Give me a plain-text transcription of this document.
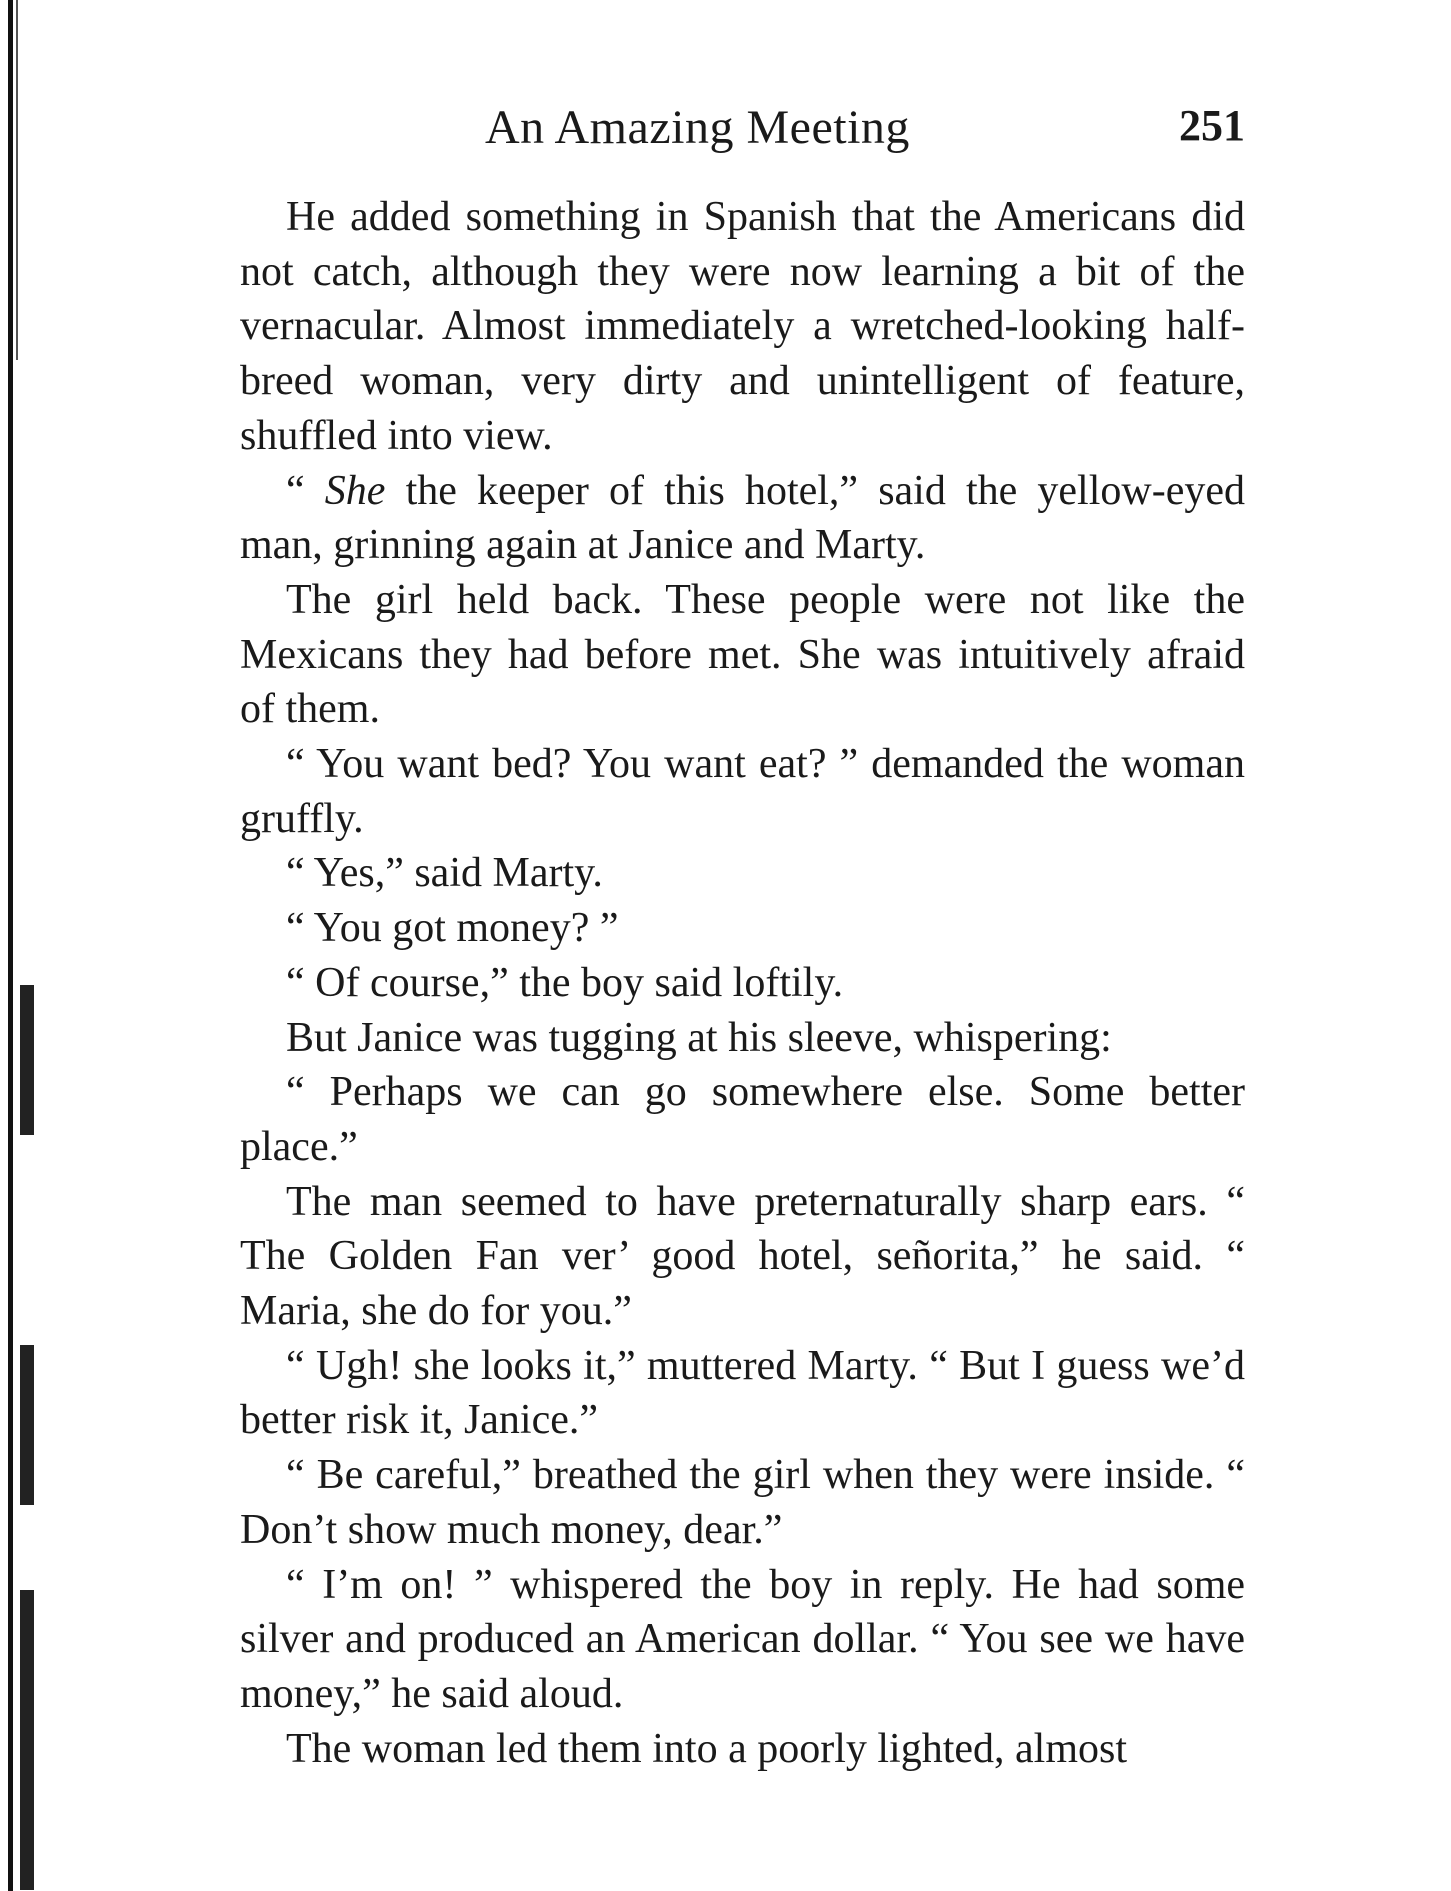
An Amazing Meeting	251

He added something in Spanish that the Americans did not catch, although they were now learning a bit of the vernacular. Almost immediately a wretched-looking half-breed woman, very dirty and unintelligent of feature, shuffled into view.

“ She the keeper of this hotel,” said the yellow-eyed man, grinning again at Janice and Marty.

The girl held back. These people were not like the Mexicans they had before met. She was intuitively afraid of them.

“ You want bed? You want eat? ” demanded the woman gruffly.

“ Yes,” said Marty.

“ You got money? ”

“ Of course,” the boy said loftily.

But Janice was tugging at his sleeve, whispering:

“ Perhaps we can go somewhere else. Some better place.”

The man seemed to have preternaturally sharp ears. “ The Golden Fan ver’ good hotel, señorita,” he said. “ Maria, she do for you.”

“ Ugh! she looks it,” muttered Marty. “ But I guess we’d better risk it, Janice.”

“ Be careful,” breathed the girl when they were inside. “ Don’t show much money, dear.”

“ I’m on! ” whispered the boy in reply. He had some silver and produced an American dollar. “ You see we have money,” he said aloud.

The woman led them into a poorly lighted, almost
